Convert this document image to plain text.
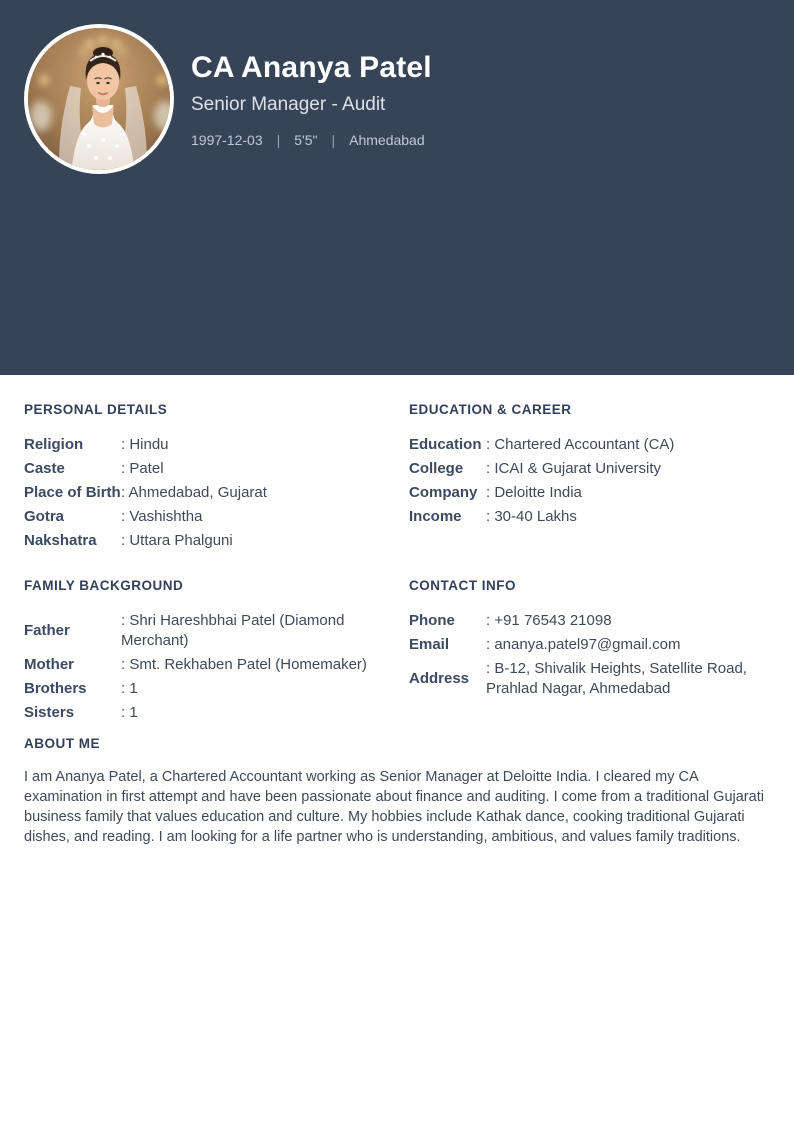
CA Ananya Patel
Senior Manager - Audit
1997-12-03 | 5'5" | Ahmedabad
PERSONAL DETAILS
Religion	: Hindu
Caste	: Patel
Place of Birth : Ahmedabad, Gujarat
Gotra	: Vashishtha
Nakshatra	: Uttara Phalguni
EDUCATION & CAREER
Education : Chartered Accountant (CA)
College	: ICAI & Gujarat University
Company : Deloitte India
Income	: 30-40 Lakhs
FAMILY BACKGROUND
Father
: Shri Hareshbhai Patel (Diamond Merchant)
Mother	: Smt. Rekhaben Patel (Homemaker)
Brothers	: 1
Sisters	: 1
CONTACT INFO
Phone	: +91 76543 21098
Email	: ananya.patel97@gmail.com
Address
: B-12, Shivalik Heights, Satellite Road, Prahlad Nagar, Ahmedabad
ABOUT ME

I am Ananya Patel, a Chartered Accountant working as Senior Manager at Deloitte India. I cleared my CA examination in first attempt and have been passionate about finance and auditing. I come from a traditional Gujarati business family that values education and culture. My hobbies include Kathak dance, cooking traditional Gujarati dishes, and reading. I am looking for a life partner who is understanding, ambitious, and values family traditions.
